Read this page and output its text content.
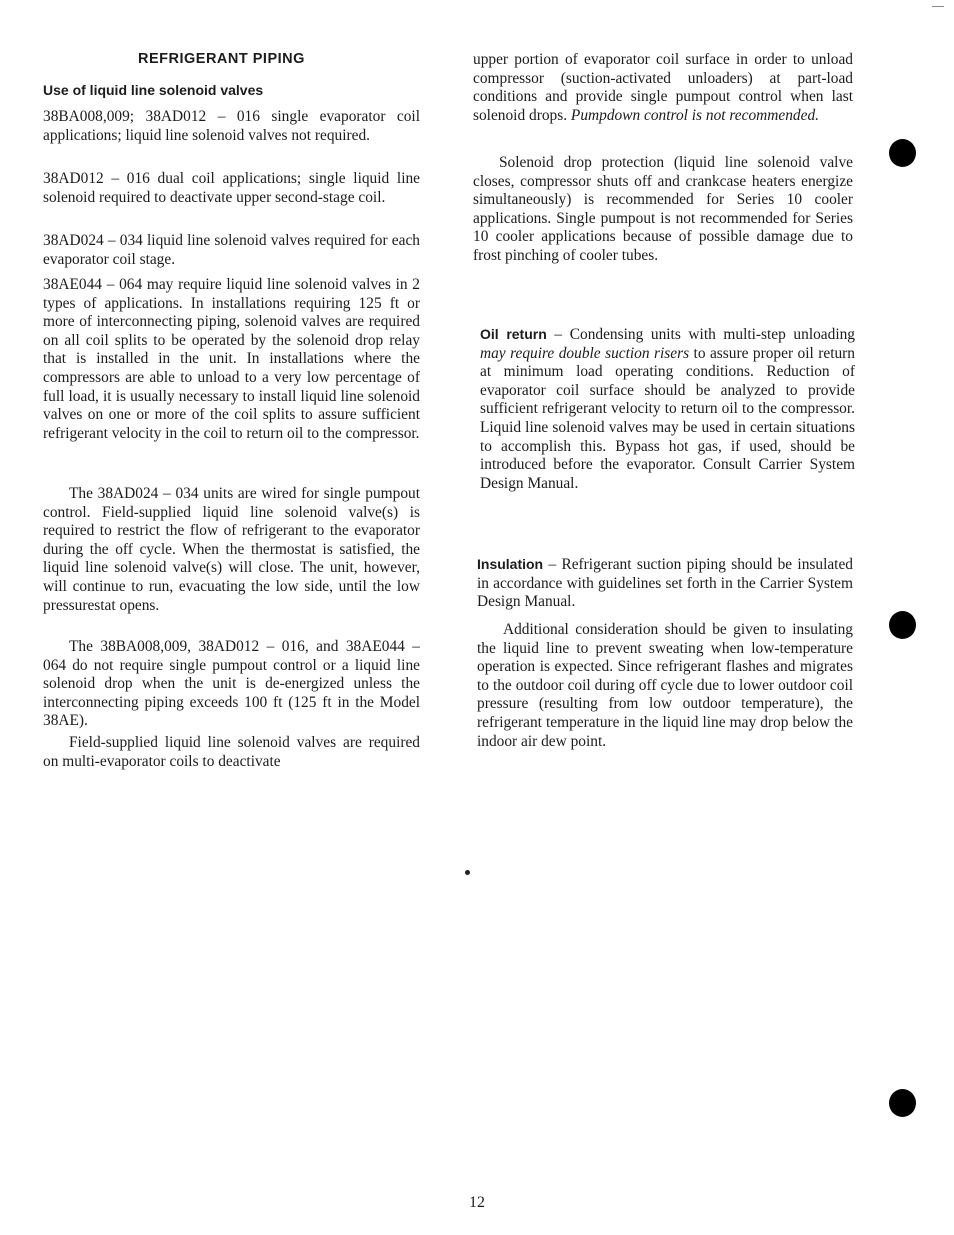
REFRIGERANT PIPING
Use of liquid line solenoid valves

38BA008,009; 38AD012 – 016 single evaporator coil applications; liquid line solenoid valves not required.

38AD012 – 016 dual coil applications; single liquid line solenoid required to deactivate upper second-stage coil.

38AD024 – 034 liquid line solenoid valves required for each evaporator coil stage.

38AE044 – 064 may require liquid line solenoid valves in 2 types of applications. In installations requiring 125 ft or more of interconnecting piping, solenoid valves are required on all coil splits to be operated by the solenoid drop relay that is installed in the unit. In installations where the compressors are able to unload to a very low percentage of full load, it is usually necessary to install liquid line solenoid valves on one or more of the coil splits to assure sufficient refrigerant velocity in the coil to return oil to the compressor.

The 38AD024 – 034 units are wired for single pumpout control. Field-supplied liquid line solenoid valve(s) is required to restrict the flow of refrigerant to the evaporator during the off cycle. When the thermostat is satisfied, the liquid line solenoid valve(s) will close. The unit, however, will continue to run, evacuating the low side, until the low pressurestat opens.

The 38BA008,009, 38AD012 – 016, and 38AE044 – 064 do not require single pumpout control or a liquid line solenoid drop when the unit is de-energized unless the interconnecting piping exceeds 100 ft (125 ft in the Model 38AE).

Field-supplied liquid line solenoid valves are required on multi-evaporator coils to deactivate

upper portion of evaporator coil surface in order to unload compressor (suction-activated unloaders) at part-load conditions and provide single pumpout control when last solenoid drops. Pumpdown control is not recommended.

Solenoid drop protection (liquid line solenoid valve closes, compressor shuts off and crankcase heaters energize simultaneously) is recommended for Series 10 cooler applications. Single pumpout is not recommended for Series 10 cooler applications because of possible damage due to frost pinching of cooler tubes.

Oil return – Condensing units with multi-step unloading may require double suction risers to assure proper oil return at minimum load operating conditions. Reduction of evaporator coil surface should be analyzed to provide sufficient refrigerant velocity to return oil to the compressor. Liquid line solenoid valves may be used in certain situations to accomplish this. Bypass hot gas, if used, should be introduced before the evaporator. Consult Carrier System Design Manual.

Insulation – Refrigerant suction piping should be insulated in accordance with guidelines set forth in the Carrier System Design Manual.

Additional consideration should be given to insulating the liquid line to prevent sweating when low-temperature operation is expected. Since refrigerant flashes and migrates to the outdoor coil during off cycle due to lower outdoor coil pressure (resulting from low outdoor temperature), the refrigerant temperature in the liquid line may drop below the indoor air dew point.

12
